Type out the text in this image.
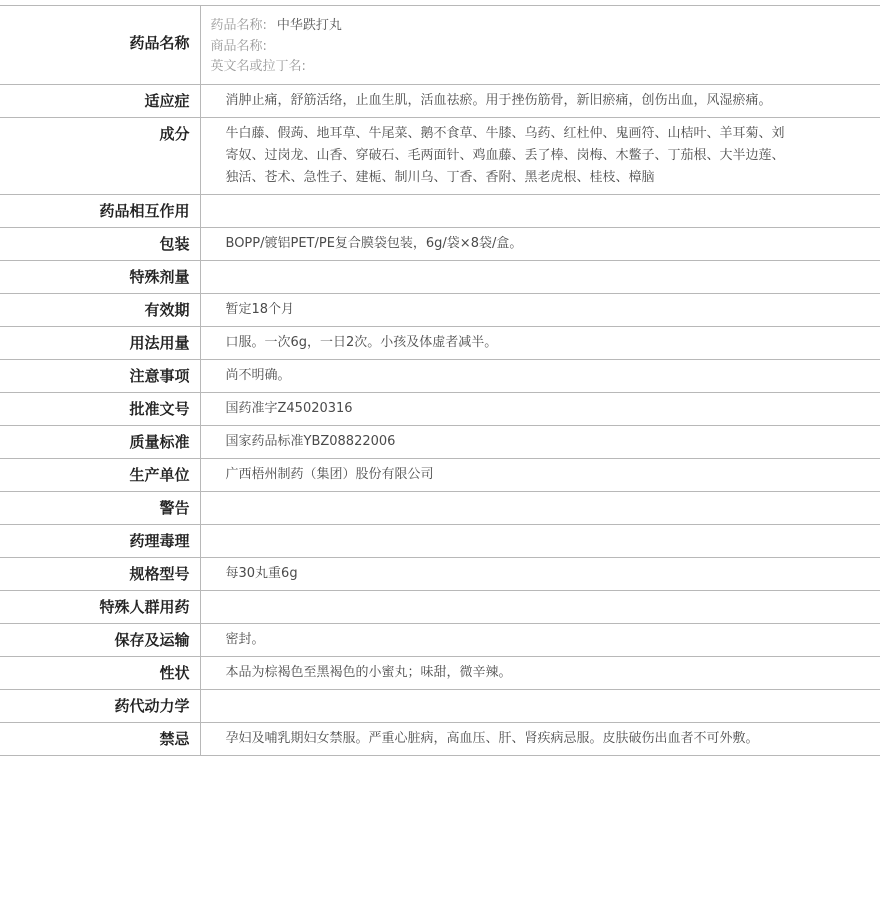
药品名称	药品名称: 中华跌打丸
商品名称:
英文名或拉丁名:

适应症	消肿止痛，舒筋活络，止血生肌，活血祛瘀。用于挫伤筋骨，新旧瘀痛，创伤出血，风湿瘀痛。
成分	牛白藤、假蒟、地耳草、牛尾菜、鹅不食草、牛膝、乌药、红杜仲、鬼画符、山桔叶、羊耳菊、刘寄奴、过岗龙、山香、穿破石、毛两面针、鸡血藤、丢了棒、岗梅、木鳖子、丁茄根、大半边莲、独活、苍术、急性子、建栀、制川乌、丁香、香附、黑老虎根、桂枝、樟脑
药品相互作用	
包装	BOPP/镀铝PET/PE复合膜袋包装，6g/袋×8袋/盒。
特殊剂量	
有效期	暂定18个月
用法用量	口服。一次6g，一日2次。小孩及体虚者减半。
注意事项	尚不明确。
批准文号	国药准字Z45020316
质量标准	国家药品标准YBZ08822006
生产单位	广西梧州制药（集团）股份有限公司
警告	
药理毒理	
规格型号	每30丸重6g
特殊人群用药	
保存及运输	密封。
性状	本品为棕褐色至黑褐色的小蜜丸；味甜，微辛辣。
药代动力学	
禁忌	孕妇及哺乳期妇女禁服。严重心脏病，高血压、肝、肾疾病忌服。皮肤破伤出血者不可外敷。
